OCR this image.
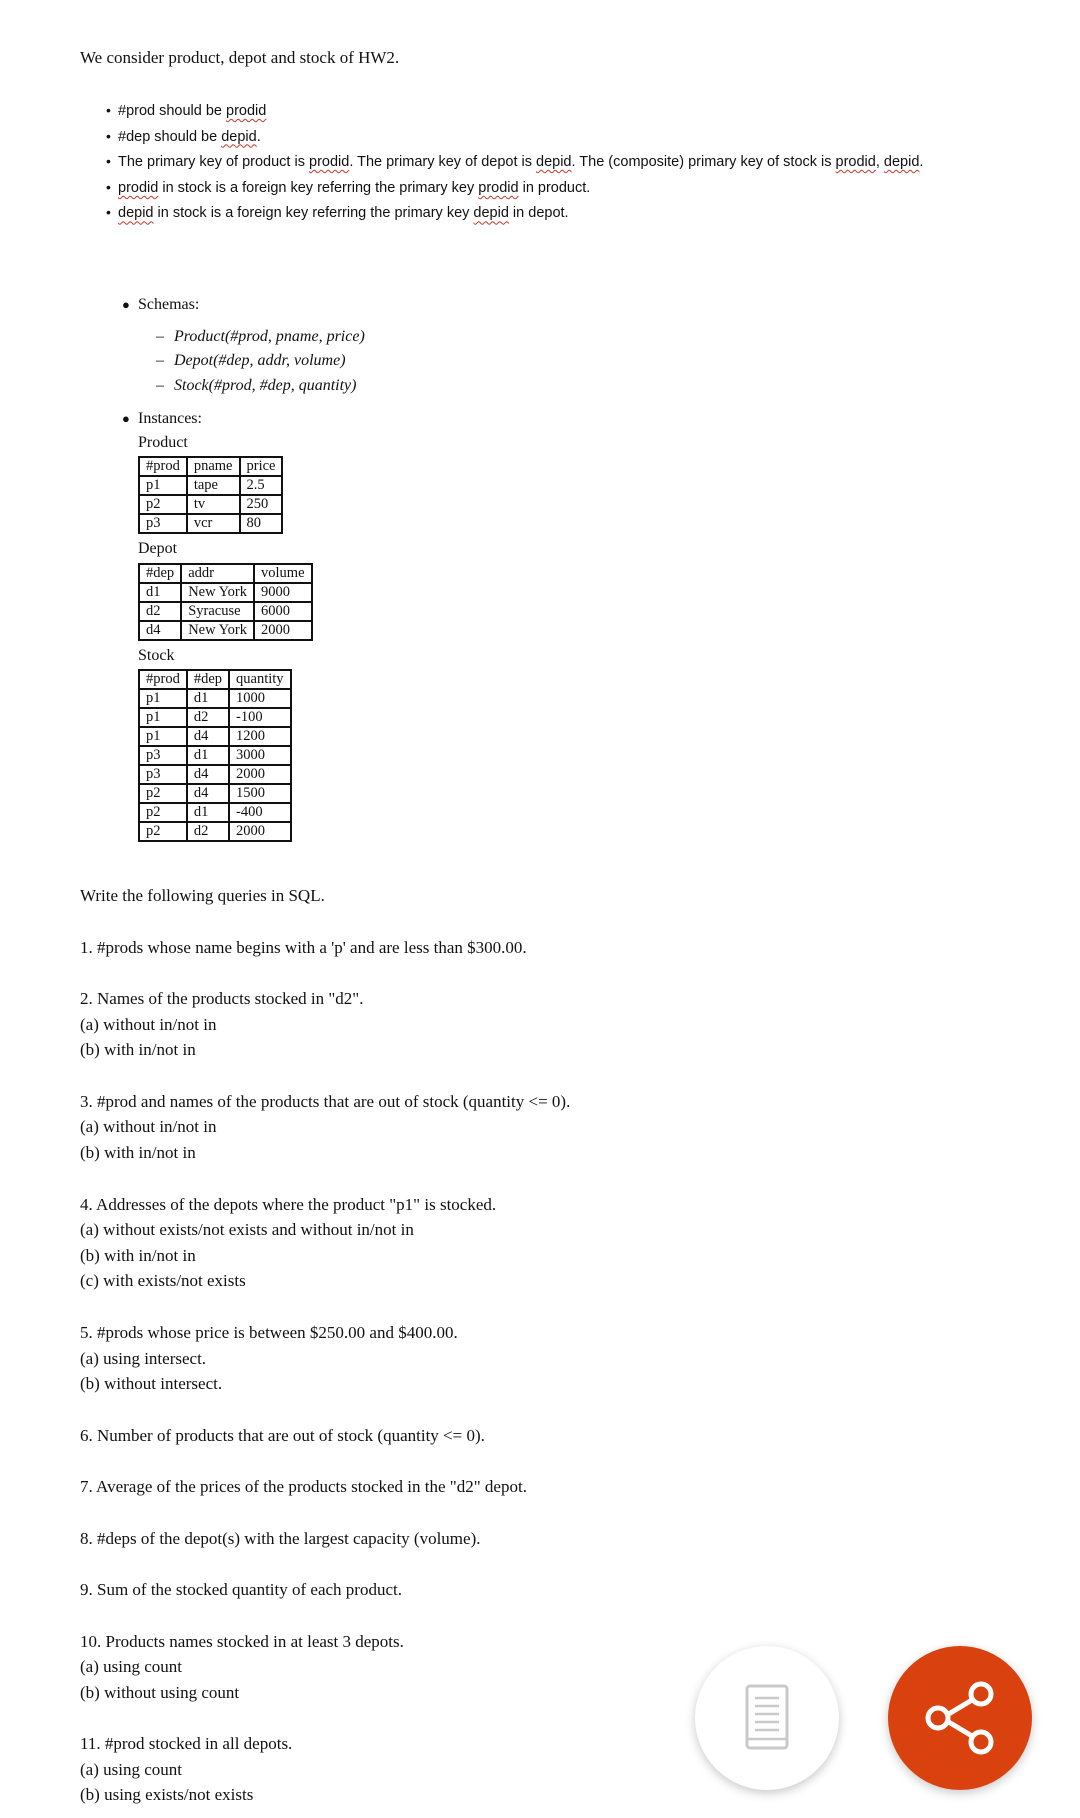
We consider product, depot and stock of HW2.
• #prod should be prodid
• #dep should be depid.
• The primary key of product is prodid. The primary key of depot is depid. The (composite) primary key of stock is prodid, depid.
• prodid in stock is a foreign key referring the primary key prodid in product.
• depid in stock is a foreign key referring the primary key depid in depot.
● Schemas:
– Product(#prod, pname, price)
– Depot(#dep, addr, volume)
– Stock(#prod, #dep, quantity)
● Instances:
Product
#prod	pname	price
p1	tape	2.5
p2	tv	250
p3	vcr	80
Depot
#dep	addr	volume
d1	New York	9000
d2	Syracuse	6000
d4	New York	2000
Stock
#prod	#dep	quantity
p1	d1	1000
p1	d2	-100
p1	d4	1200
p3	d1	3000
p3	d4	2000
p2	d4	1500
p2	d1	-400
p2	d2	2000
Write the following queries in SQL.
1. #prods whose name begins with a 'p' and are less than $300.00.
2. Names of the products stocked in "d2".
(a) without in/not in
(b) with in/not in
3. #prod and names of the products that are out of stock (quantity <= 0).
(a) without in/not in
(b) with in/not in
4. Addresses of the depots where the product "p1" is stocked.
(a) without exists/not exists and without in/not in
(b) with in/not in
(c) with exists/not exists
5. #prods whose price is between $250.00 and $400.00.
(a) using intersect.
(b) without intersect.
6. Number of products that are out of stock (quantity <= 0).
7. Average of the prices of the products stocked in the "d2" depot.
8. #deps of the depot(s) with the largest capacity (volume).
9. Sum of the stocked quantity of each product.
10. Products names stocked in at least 3 depots.
(a) using count
(b) without using count
11. #prod stocked in all depots.
(a) using count
(b) using exists/not exists
